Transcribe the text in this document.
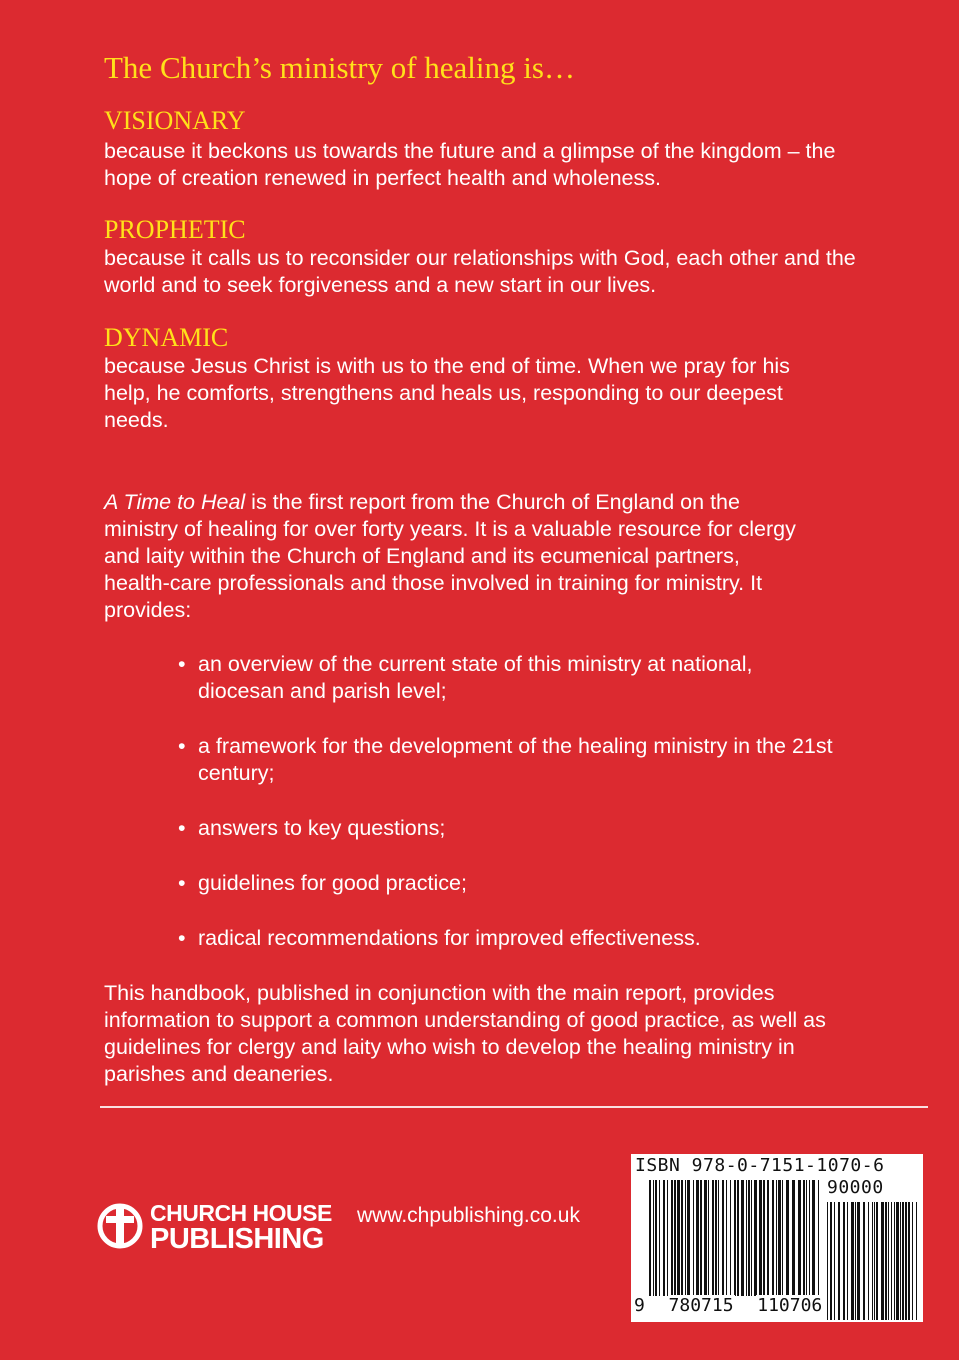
The Church’s ministry of healing is…
VISIONARY

because it beckons us towards the future and a glimpse of the kingdom – the hope of creation renewed in perfect health and wholeness.

PROPHETIC

because it calls us to reconsider our relationships with God, each other and the world and to seek forgiveness and a new start in our lives.

DYNAMIC

because Jesus Christ is with us to the end of time. When we pray for his help, he comforts, strengthens and heals us, responding to our deepest needs.

A Time to Heal is the first report from the Church of England on the ministry of healing for over forty years. It is a valuable resource for clergy and laity within the Church of England and its ecumenical partners, health-care professionals and those involved in training for ministry. It provides:

• an overview of the current state of this ministry at national, diocesan and parish level;
• a framework for the development of the healing ministry in the 21st century;
• answers to key questions;
• guidelines for good practice;
• radical recommendations for improved effectiveness.

This handbook, published in conjunction with the main report, provides information to support a common understanding of good practice, as well as guidelines for clergy and laity who wish to develop the healing ministry in parishes and deaneries.

CHURCH HOUSE
PUBLISHING
www.chpublishing.co.uk
ISBN 978-0-7151-1070-6
90000
9 780715 110706
